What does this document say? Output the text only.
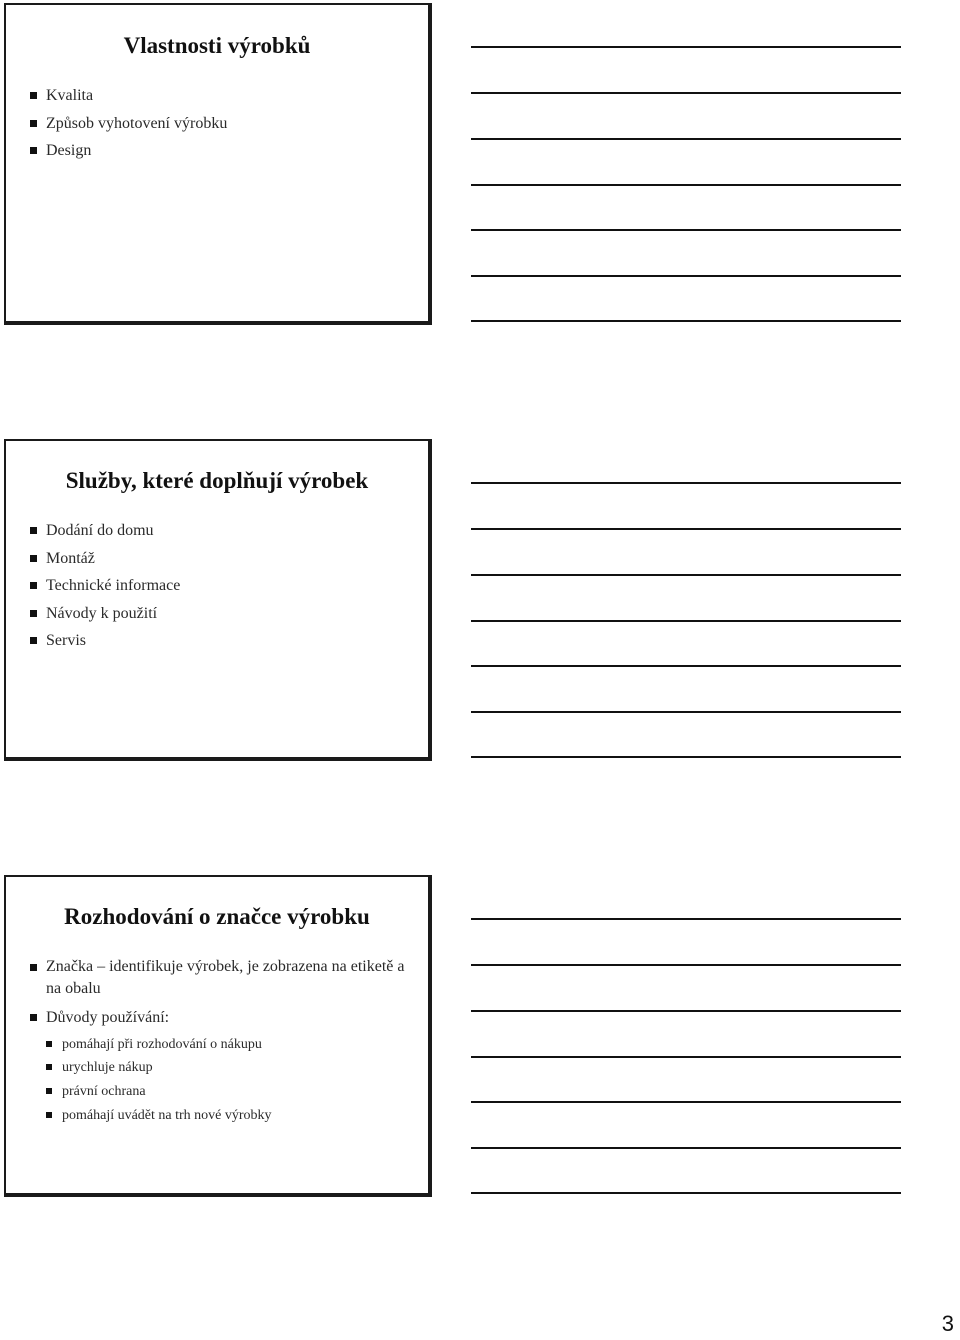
Vlastnosti výrobků
Kvalita
Způsob vyhotovení výrobku
Design
Služby, které doplňují výrobek
Dodání do domu
Montáž
Technické informace
Návody k použití
Servis
Rozhodování o značce výrobku
Značka – identifikuje výrobek, je zobrazena na etiketě a na obalu
Důvody používání:
pomáhají při rozhodování o nákupu
urychluje nákup
právní ochrana
pomáhají uvádět na trh nové výrobky
3
